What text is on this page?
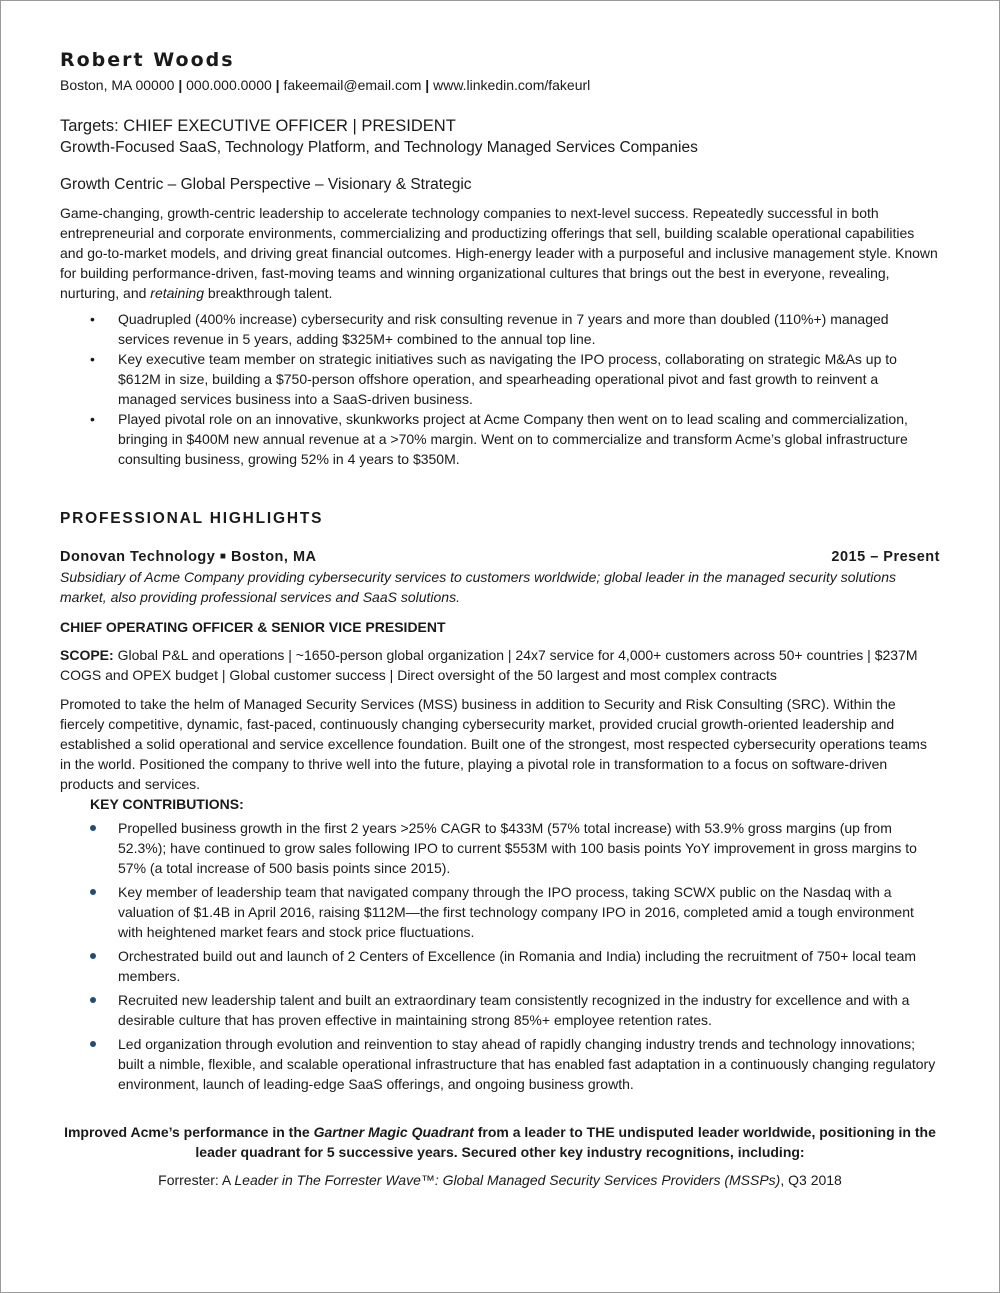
Robert Woods
Boston, MA 00000 | 000.000.0000 | fakeemail@email.com | www.linkedin.com/fakeurl
Targets: CHIEF EXECUTIVE OFFICER | PRESIDENT
Growth-Focused SaaS, Technology Platform, and Technology Managed Services Companies
Growth Centric – Global Perspective – Visionary & Strategic

Game-changing, growth-centric leadership to accelerate technology companies to next-level success. Repeatedly successful in both entrepreneurial and corporate environments, commercializing and productizing offerings that sell, building scalable operational capabilities and go-to-market models, and driving great financial outcomes. High-energy leader with a purposeful and inclusive management style. Known for building performance-driven, fast-moving teams and winning organizational cultures that brings out the best in everyone, revealing, nurturing, and retaining breakthrough talent.

• Quadrupled (400% increase) cybersecurity and risk consulting revenue in 7 years and more than doubled (110%+) managed services revenue in 5 years, adding $325M+ combined to the annual top line.
• Key executive team member on strategic initiatives such as navigating the IPO process, collaborating on strategic M&As up to $612M in size, building a $750-person offshore operation, and spearheading operational pivot and fast growth to reinvent a managed services business into a SaaS-driven business.
• Played pivotal role on an innovative, skunkworks project at Acme Company then went on to lead scaling and commercialization, bringing in $400M new annual revenue at a >70% margin. Went on to commercialize and transform Acme’s global infrastructure consulting business, growing 52% in 4 years to $350M.
PROFESSIONAL HIGHLIGHTS
Donovan Technology ■ Boston, MA	2015 – Present
Subsidiary of Acme Company providing cybersecurity services to customers worldwide; global leader in the managed security solutions market, also providing professional services and SaaS solutions.
CHIEF OPERATING OFFICER & SENIOR VICE PRESIDENT

SCOPE: Global P&L and operations | ~1650-person global organization | 24x7 service for 4,000+ customers across 50+ countries | $237M COGS and OPEX budget | Global customer success | Direct oversight of the 50 largest and most complex contracts

Promoted to take the helm of Managed Security Services (MSS) business in addition to Security and Risk Consulting (SRC). Within the fiercely competitive, dynamic, fast-paced, continuously changing cybersecurity market, provided crucial growth-oriented leadership and established a solid operational and service excellence foundation. Built one of the strongest, most respected cybersecurity operations teams in the world. Positioned the company to thrive well into the future, playing a pivotal role in transformation to a focus on software-driven products and services.

KEY CONTRIBUTIONS:
Propelled business growth in the first 2 years >25% CAGR to $433M (57% total increase) with 53.9% gross margins (up from 52.3%); have continued to grow sales following IPO to current $553M with 100 basis points YoY improvement in gross margins to 57% (a total increase of 500 basis points since 2015).
Key member of leadership team that navigated company through the IPO process, taking SCWX public on the Nasdaq with a valuation of $1.4B in April 2016, raising $112M—the first technology company IPO in 2016, completed amid a tough environment with heightened market fears and stock price fluctuations.
Orchestrated build out and launch of 2 Centers of Excellence (in Romania and India) including the recruitment of 750+ local team members.
Recruited new leadership talent and built an extraordinary team consistently recognized in the industry for excellence and with a desirable culture that has proven effective in maintaining strong 85%+ employee retention rates.
Led organization through evolution and reinvention to stay ahead of rapidly changing industry trends and technology innovations; built a nimble, flexible, and scalable operational infrastructure that has enabled fast adaptation in a continuously changing regulatory environment, launch of leading-edge SaaS offerings, and ongoing business growth.

Improved Acme’s performance in the Gartner Magic Quadrant from a leader to THE undisputed leader worldwide, positioning in the leader quadrant for 5 successive years. Secured other key industry recognitions, including:

Forrester: A Leader in The Forrester Wave™: Global Managed Security Services Providers (MSSPs), Q3 2018
